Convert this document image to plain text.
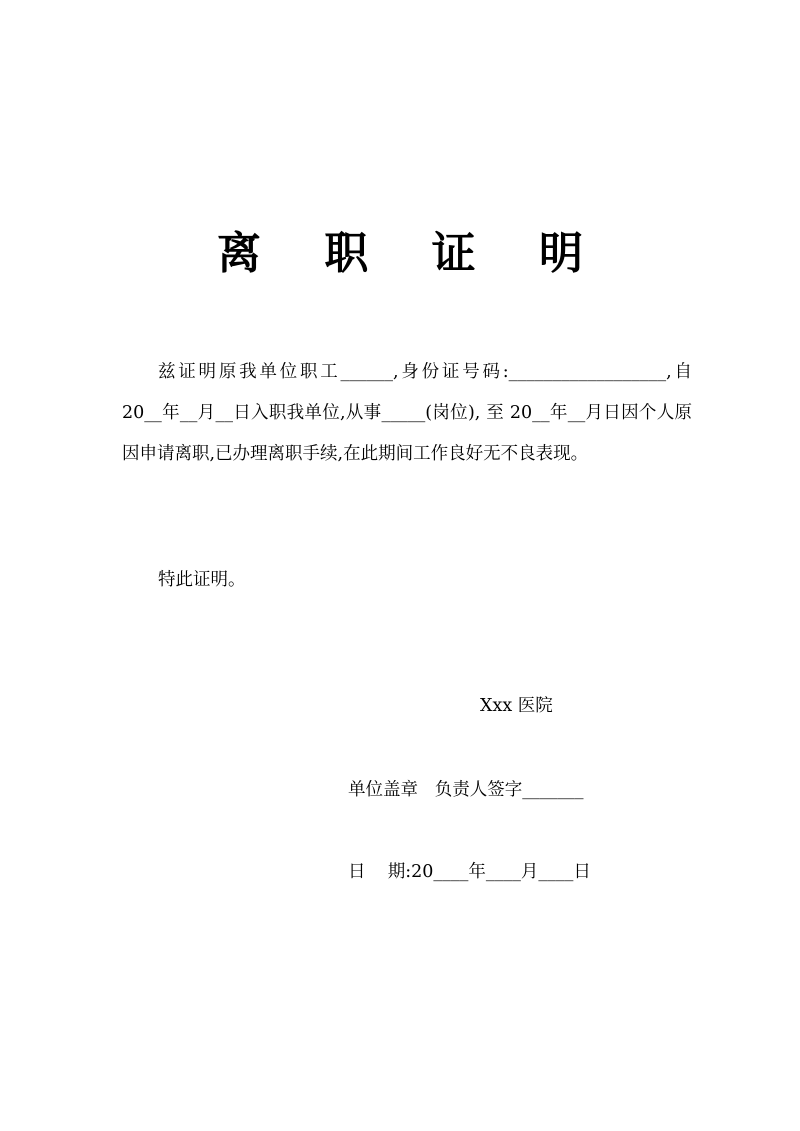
离 职 证 明

兹证明原我单位职工______,身份证号码:__________________,自 20__年__月__日入职我单位,从事_____(岗位), 至 20__年__月日因个人原因申请离职,已办理离职手续,在此期间工作良好无不良表现。

特此证明。
Xxx 医院
单位盖章   负责人签字_______
日    期:20____年____月____日
